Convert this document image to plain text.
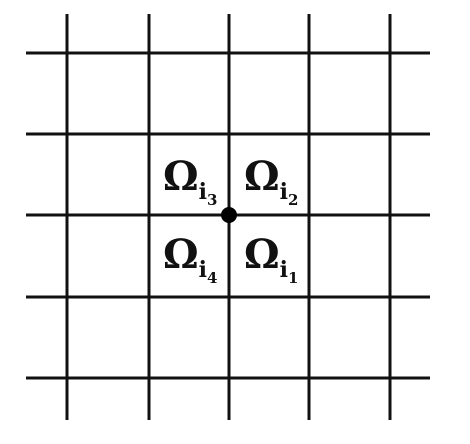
Ωi3 Ωi2
Ωi4 Ωi1
